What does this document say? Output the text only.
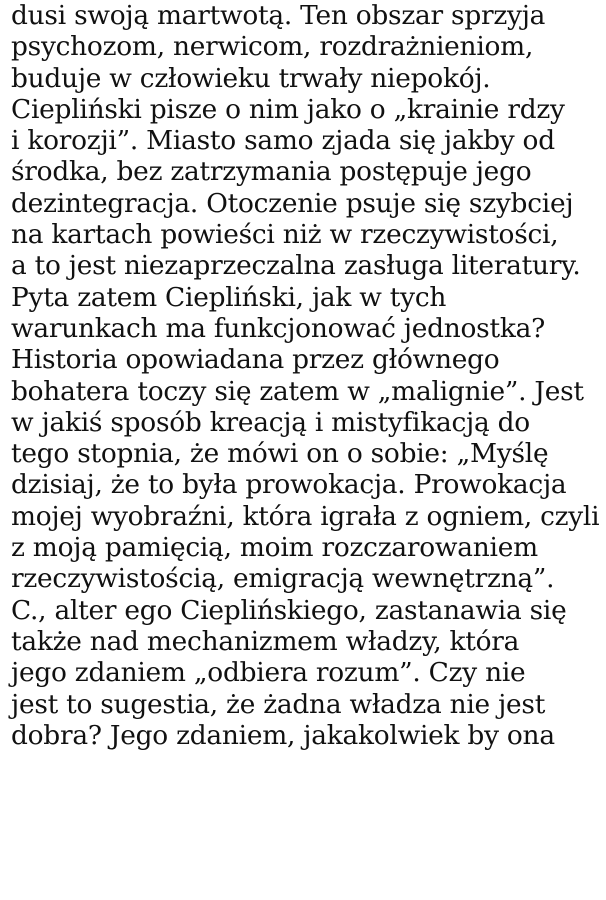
dusi swoją martwotą. Ten obszar sprzyja
psychozom, nerwicom, rozdrażnieniom,
buduje w człowieku trwały niepokój.
Ciepliński pisze o nim jako o „krainie rdzy
i korozji”. Miasto samo zjada się jakby od
środka, bez zatrzymania postępuje jego
dezintegracja. Otoczenie psuje się szybciej
na kartach powieści niż w rzeczywistości,
a to jest niezaprzeczalna zasługa literatury.
Pyta zatem Ciepliński, jak w tych
warunkach ma funkcjonować jednostka?
Historia opowiadana przez głównego
bohatera toczy się zatem w „malignie”. Jest
w jakiś sposób kreacją i mistyfikacją do
tego stopnia, że mówi on o sobie: „Myślę
dzisiaj, że to była prowokacja. Prowokacja
mojej wyobraźni, która igrała z ogniem, czyli
z moją pamięcią, moim rozczarowaniem
rzeczywistością, emigracją wewnętrzną”.
C., alter ego Cieplińskiego, zastanawia się
także nad mechanizmem władzy, która
jego zdaniem „odbiera rozum”. Czy nie
jest to sugestia, że żadna władza nie jest
dobra? Jego zdaniem, jakakolwiek by ona
